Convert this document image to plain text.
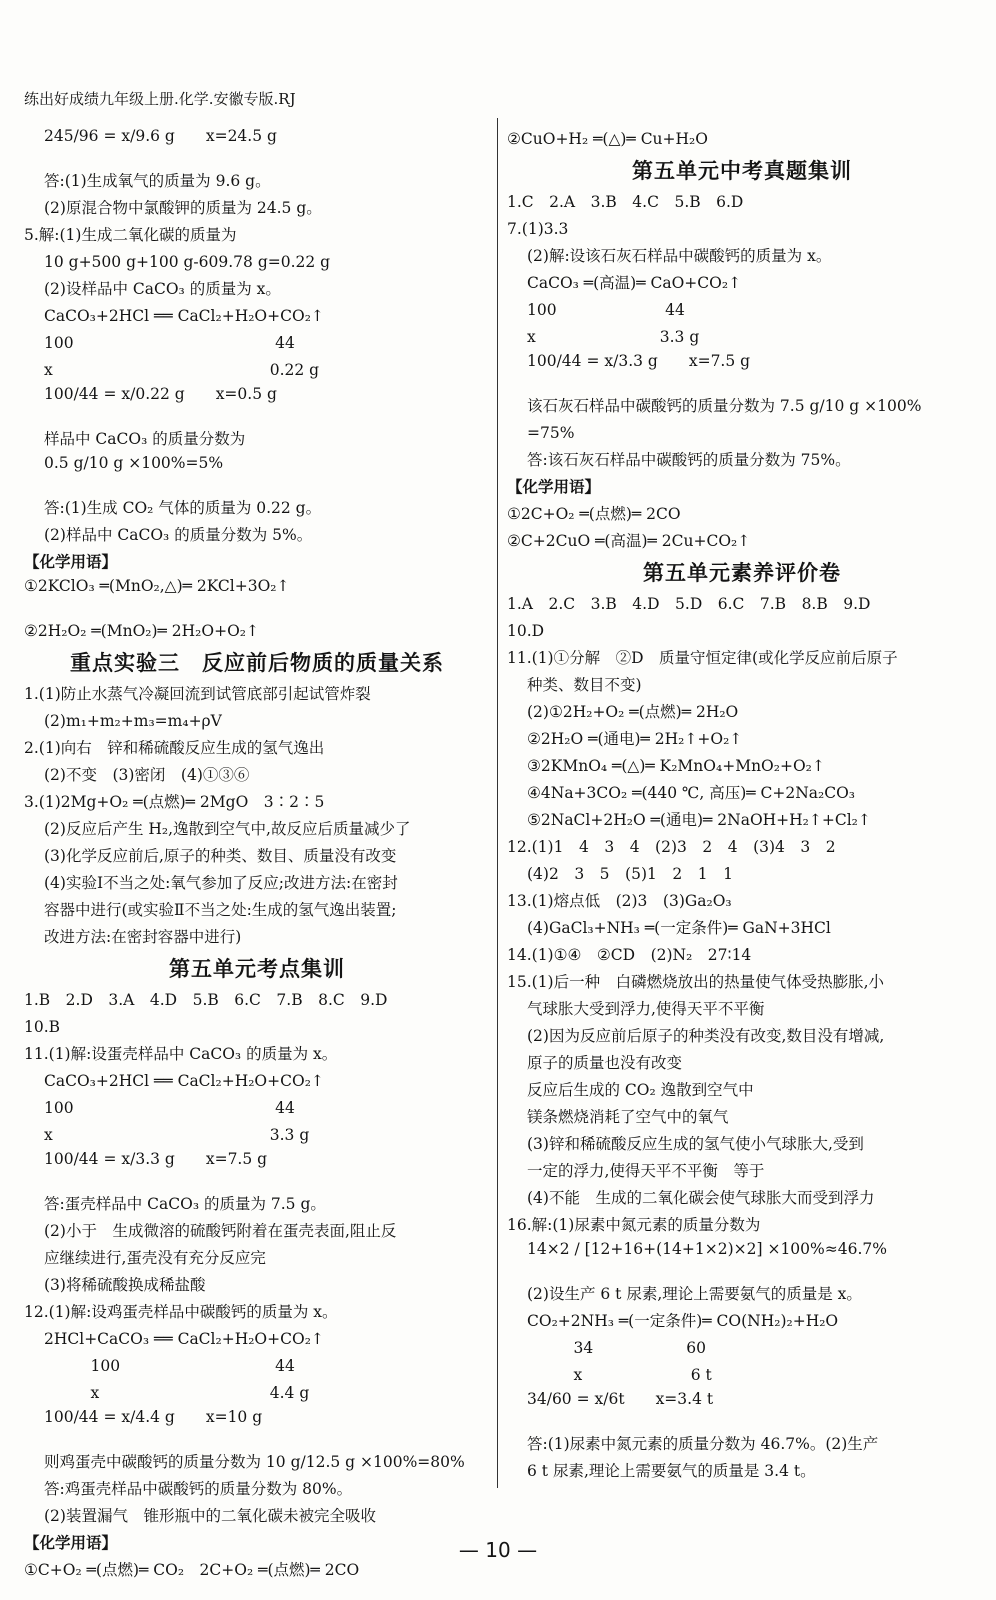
练出好成绩九年级上册.化学.安徽专版.RJ
245/96 = x/9.6 g　　x=24.5 g
答:(1)生成氧气的质量为 9.6 g。
(2)原混合物中氯酸钾的质量为 24.5 g。
5.解:(1)生成二氧化碳的质量为
10 g+500 g+100 g-609.78 g=0.22 g
(2)设样品中 CaCO₃ 的质量为 x。
CaCO₃+2HCl ══ CaCl₂+H₂O+CO₂↑
100　　　　　　　　　　　　　44
x　　　　　　　　　　　　　　0.22 g
100/44 = x/0.22 g　　x=0.5 g
样品中 CaCO₃ 的质量分数为
0.5 g/10 g ×100%=5%
答:(1)生成 CO₂ 气体的质量为 0.22 g。
(2)样品中 CaCO₃ 的质量分数为 5%。
【化学用语】
①2KClO₃ ═(MnO₂,△)═ 2KCl+3O₂↑
②2H₂O₂ ═(MnO₂)═ 2H₂O+O₂↑
重点实验三　反应前后物质的质量关系
1.(1)防止水蒸气冷凝回流到试管底部引起试管炸裂
(2)m₁+m₂+m₃=m₄+ρV
2.(1)向右　锌和稀硫酸反应生成的氢气逸出
(2)不变　(3)密闭　(4)①③⑥
3.(1)2Mg+O₂ ═(点燃)═ 2MgO　3∶2∶5
(2)反应后产生 H₂,逸散到空气中,故反应后质量减少了
(3)化学反应前后,原子的种类、数目、质量没有改变
(4)实验Ⅰ不当之处:氧气参加了反应;改进方法:在密封
容器中进行(或实验Ⅱ不当之处:生成的氢气逸出装置;
改进方法:在密封容器中进行)
第五单元考点集训
1.B　2.D　3.A　4.D　5.B　6.C　7.B　8.C　9.D
10.B
11.(1)解:设蛋壳样品中 CaCO₃ 的质量为 x。
CaCO₃+2HCl ══ CaCl₂+H₂O+CO₂↑
100　　　　　　　　　　　　　44
x　　　　　　　　　　　　　　3.3 g
100/44 = x/3.3 g　　x=7.5 g
答:蛋壳样品中 CaCO₃ 的质量为 7.5 g。
(2)小于　生成微溶的硫酸钙附着在蛋壳表面,阻止反
应继续进行,蛋壳没有充分反应完
(3)将稀硫酸换成稀盐酸
12.(1)解:设鸡蛋壳样品中碳酸钙的质量为 x。
2HCl+CaCO₃ ══ CaCl₂+H₂O+CO₂↑
　　　100　　　　　　　　　　44
　　　x　　　　　　　　　　　4.4 g
100/44 = x/4.4 g　　x=10 g
则鸡蛋壳中碳酸钙的质量分数为 10 g/12.5 g ×100%=80%
答:鸡蛋壳样品中碳酸钙的质量分数为 80%。
(2)装置漏气　锥形瓶中的二氧化碳未被完全吸收
【化学用语】
①C+O₂ ═(点燃)═ CO₂　2C+O₂ ═(点燃)═ 2CO
②CuO+H₂ ═(△)═ Cu+H₂O
第五单元中考真题集训
1.C　2.A　3.B　4.C　5.B　6.D
7.(1)3.3
(2)解:设该石灰石样品中碳酸钙的质量为 x。
CaCO₃ ═(高温)═ CaO+CO₂↑
100　　　　　　　44
x　　　　　　　　3.3 g
100/44 = x/3.3 g　　x=7.5 g
该石灰石样品中碳酸钙的质量分数为 7.5 g/10 g ×100%
=75%
答:该石灰石样品中碳酸钙的质量分数为 75%。
【化学用语】
①2C+O₂ ═(点燃)═ 2CO
②C+2CuO ═(高温)═ 2Cu+CO₂↑
第五单元素养评价卷
1.A　2.C　3.B　4.D　5.D　6.C　7.B　8.B　9.D
10.D
11.(1)①分解　②D　质量守恒定律(或化学反应前后原子
种类、数目不变)
(2)①2H₂+O₂ ═(点燃)═ 2H₂O
②2H₂O ═(通电)═ 2H₂↑+O₂↑
③2KMnO₄ ═(△)═ K₂MnO₄+MnO₂+O₂↑
④4Na+3CO₂ ═(440 ℃, 高压)═ C+2Na₂CO₃
⑤2NaCl+2H₂O ═(通电)═ 2NaOH+H₂↑+Cl₂↑
12.(1)1　4　3　4　(2)3　2　4　(3)4　3　2
(4)2　3　5　(5)1　2　1　1
13.(1)熔点低　(2)3　(3)Ga₂O₃
(4)GaCl₃+NH₃ ═(一定条件)═ GaN+3HCl
14.(1)①④　②CD　(2)N₂　27∶14
15.(1)后一种　白磷燃烧放出的热量使气体受热膨胀,小
气球胀大受到浮力,使得天平不平衡
(2)因为反应前后原子的种类没有改变,数目没有增减,
原子的质量也没有改变
反应后生成的 CO₂ 逸散到空气中
镁条燃烧消耗了空气中的氧气
(3)锌和稀硫酸反应生成的氢气使小气球胀大,受到
一定的浮力,使得天平不平衡　等于
(4)不能　生成的二氧化碳会使气球胀大而受到浮力
16.解:(1)尿素中氮元素的质量分数为
14×2 / [12+16+(14+1×2)×2] ×100%≈46.7%
(2)设生产 6 t 尿素,理论上需要氨气的质量是 x。
CO₂+2NH₃ ═(一定条件)═ CO(NH₂)₂+H₂O
　　　34　　　　　　60
　　　x　　　　　　　6 t
34/60 = x/6t　　x=3.4 t
答:(1)尿素中氮元素的质量分数为 46.7%。(2)生产
6 t 尿素,理论上需要氨气的质量是 3.4 t。
— 10 —
